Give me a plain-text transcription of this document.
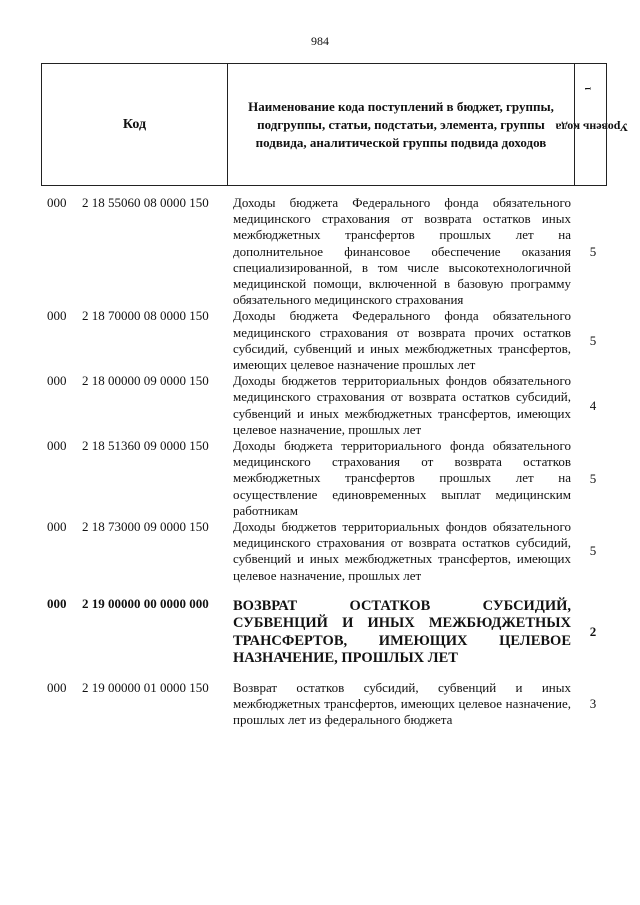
984
Код
Наименование кода поступлений в бюджет, группы, подгруппы, статьи, подстатьи, элемента, группы подвида, аналитической группы подвида доходов
Уровень кода$^1$
000 2 18 55060 08 0000 150 Доходы бюджета Федерального фонда обязательного медицинского страхования от возврата остатков иных межбюджетных трансфертов прошлых лет на дополнительное финансовое обеспечение оказания специализированной, в том числе высокотехнологичной медицинской помощи, включенной в базовую программу обязательного медицинского страхования
5
000 2 18 70000 08 0000 150 Доходы бюджета Федерального фонда обязательного медицинского страхования от возврата прочих остатков субсидий, субвенций и иных межбюджетных трансфертов, имеющих целевое назначение прошлых лет
5
000 2 18 00000 09 0000 150 Доходы бюджетов территориальных фондов обязательного медицинского страхования от возврата остатков субсидий, субвенций и иных межбюджетных трансфертов, имеющих целевое назначение, прошлых лет
4
000 2 18 51360 09 0000 150 Доходы бюджета территориального фонда обязательного медицинского страхования от возврата остатков межбюджетных трансфертов прошлых лет на осуществление единовременных выплат медицинским работникам
5
000 2 18 73000 09 0000 150 Доходы бюджетов территориальных фондов обязательного медицинского страхования от возврата остатков субсидий, субвенций и иных межбюджетных трансфертов, имеющих целевое назначение, прошлых лет
5
000 2 19 00000 00 0000 000 ВОЗВРАТ ОСТАТКОВ СУБСИДИЙ, СУБВЕНЦИЙ И ИНЫХ МЕЖБЮДЖЕТНЫХ ТРАНСФЕРТОВ, ИМЕЮЩИХ ЦЕЛЕВОЕ НАЗНАЧЕНИЕ, ПРОШЛЫХ ЛЕТ
2
000 2 19 00000 01 0000 150 Возврат остатков субсидий, субвенций и иных межбюджетных трансфертов, имеющих целевое назначение, прошлых лет из федерального бюджета
3
